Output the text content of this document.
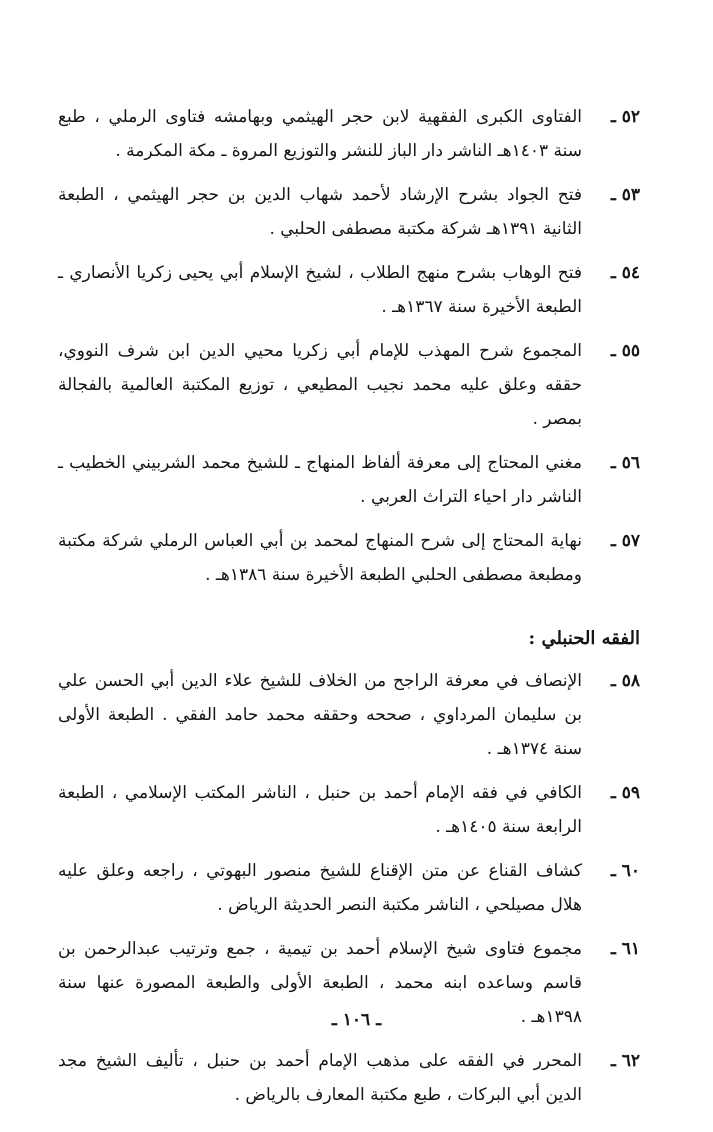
٥٢ ـ
الفتاوى الكبرى الفقهية لابن حجر الهيثمي وبهامشه فتاوى الرملي ، طبع سنة ١٤٠٣هـ الناشر دار الباز للنشر والتوزيع المروة ـ مكة المكرمة .
٥٣ ـ
فتح الجواد بشرح الإرشاد لأحمد شهاب الدين بن حجر الهيثمي ، الطبعة الثانية ١٣٩١هـ شركة مكتبة مصطفى الحلبي .
٥٤ ـ
فتح الوهاب بشرح منهج الطلاب ، لشيخ الإسلام أبي يحيى زكريا الأنصاري ـ الطبعة الأخيرة سنة ١٣٦٧هـ .
٥٥ ـ
المجموع شرح المهذب للإمام أبي زكريا محيي الدين ابن شرف النووي، حققه وعلق عليه محمد نجيب المطيعي ، توزيع المكتبة العالمية بالفجالة بمصر .
٥٦ ـ
مغني المحتاج إلى معرفة ألفاظ المنهاج ـ للشيخ محمد الشربيني الخطيب ـ الناشر دار احياء التراث العربي .
٥٧ ـ
نهاية المحتاج إلى شرح المنهاج لمحمد بن أبي العباس الرملي شركة مكتبة ومطبعة مصطفى الحلبي الطبعة الأخيرة سنة ١٣٨٦هـ .
الفقه الحنبلي :
٥٨ ـ
الإنصاف في معرفة الراجح من الخلاف للشيخ علاء الدين أبي الحسن علي بن سليمان المرداوي ، صححه وحققه محمد حامد الفقي . الطبعة الأولى سنة ١٣٧٤هـ .
٥٩ ـ
الكافي في فقه الإمام أحمد بن حنبل ، الناشر المكتب الإسلامي ، الطبعة الرابعة سنة ١٤٠٥هـ .
٦٠ ـ
كشاف القناع عن متن الإقناع للشيخ منصور البهوتي ، راجعه وعلق عليه هلال مصيلحي ، الناشر مكتبة النصر الحديثة الرياض .
٦١ ـ
مجموع فتاوى شيخ الإسلام أحمد بن تيمية ، جمع وترتيب عبدالرحمن بن قاسم وساعده ابنه محمد ، الطبعة الأولى والطبعة المصورة عنها سنة ١٣٩٨هـ .
٦٢ ـ
المحرر في الفقه على مذهب الإمام أحمد بن حنبل ، تأليف الشيخ مجد الدين أبي البركات ، طبع مكتبة المعارف بالرياض .
ـ ١٠٦ ـ
